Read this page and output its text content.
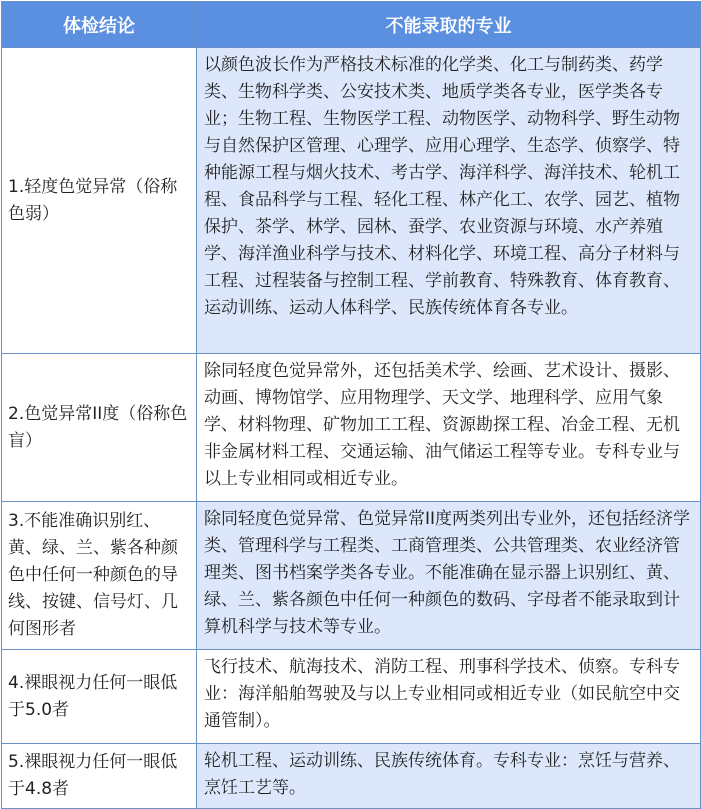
体检结论	不能录取的专业
1.轻度色觉异常（俗称色弱）	以颜色波长作为严格技术标准的化学类、化工与制药类、药学类、生物科学类、公安技术类、地质学类各专业，医学类各专业；生物工程、生物医学工程、动物医学、动物科学、野生动物与自然保护区管理、心理学、应用心理学、生态学、侦察学、特种能源工程与烟火技术、考古学、海洋科学、海洋技术、轮机工程、食品科学与工程、轻化工程、林产化工、农学、园艺、植物保护、茶学、林学、园林、蚕学、农业资源与环境、水产养殖学、海洋渔业科学与技术、材料化学、环境工程、高分子材料与工程、过程装备与控制工程、学前教育、特殊教育、体育教育、运动训练、运动人体科学、民族传统体育各专业。
2.色觉异常II度（俗称色盲）	除同轻度色觉异常外，还包括美术学、绘画、艺术设计、摄影、动画、博物馆学、应用物理学、天文学、地理科学、应用气象学、材料物理、矿物加工工程、资源勘探工程、冶金工程、无机非金属材料工程、交通运输、油气储运工程等专业。专科专业与以上专业相同或相近专业。
3.不能准确识别红、黄、绿、兰、紫各种颜色中任何一种颜色的导线、按键、信号灯、几何图形者	除同轻度色觉异常、色觉异常II度两类列出专业外，还包括经济学类、管理科学与工程类、工商管理类、公共管理类、农业经济管理类、图书档案学类各专业。不能准确在显示器上识别红、黄、绿、兰、紫各颜色中任何一种颜色的数码、字母者不能录取到计算机科学与技术等专业。
4.裸眼视力任何一眼低于5.0者	飞行技术、航海技术、消防工程、刑事科学技术、侦察。专科专业：海洋船舶驾驶及与以上专业相同或相近专业（如民航空中交通管制）。
5.裸眼视力任何一眼低于4.8者	轮机工程、运动训练、民族传统体育。专科专业：烹饪与营养、烹饪工艺等。
